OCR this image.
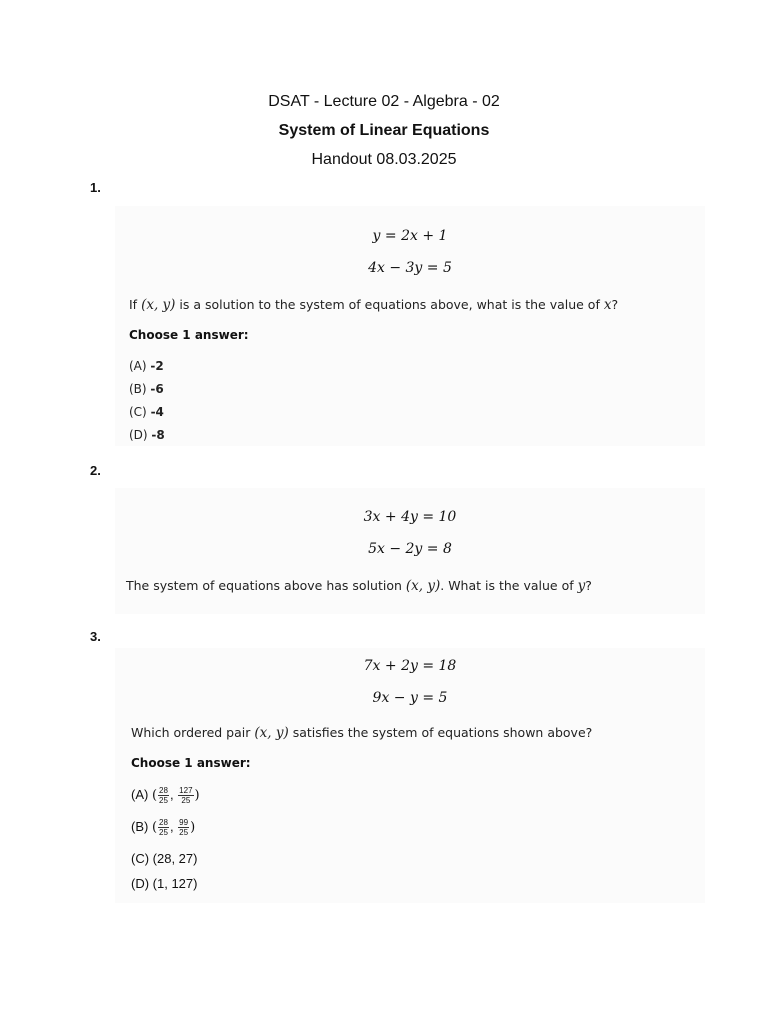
DSAT - Lecture 02 - Algebra - 02
System of Linear Equations
Handout 08.03.2025
1.
y = 2x + 1
4x − 3y = 5
If (x, y) is a solution to the system of equations above, what is the value of x?
Choose 1 answer:
(A) -2
(B) -6
(C) -4
(D) -8
2.
3x + 4y = 10
5x − 2y = 8
The system of equations above has solution (x, y). What is the value of y?
3.
7x + 2y = 18
9x − y = 5
Which ordered pair (x, y) satisfies the system of equations shown above?
Choose 1 answer:
(A) ( $\frac{28}{25}$ , $\frac{127}{25}$ )
(B) ( $\frac{28}{25}$ , $\frac{99}{25}$ )
(C) (28, 27)
(D) (1, 127)
